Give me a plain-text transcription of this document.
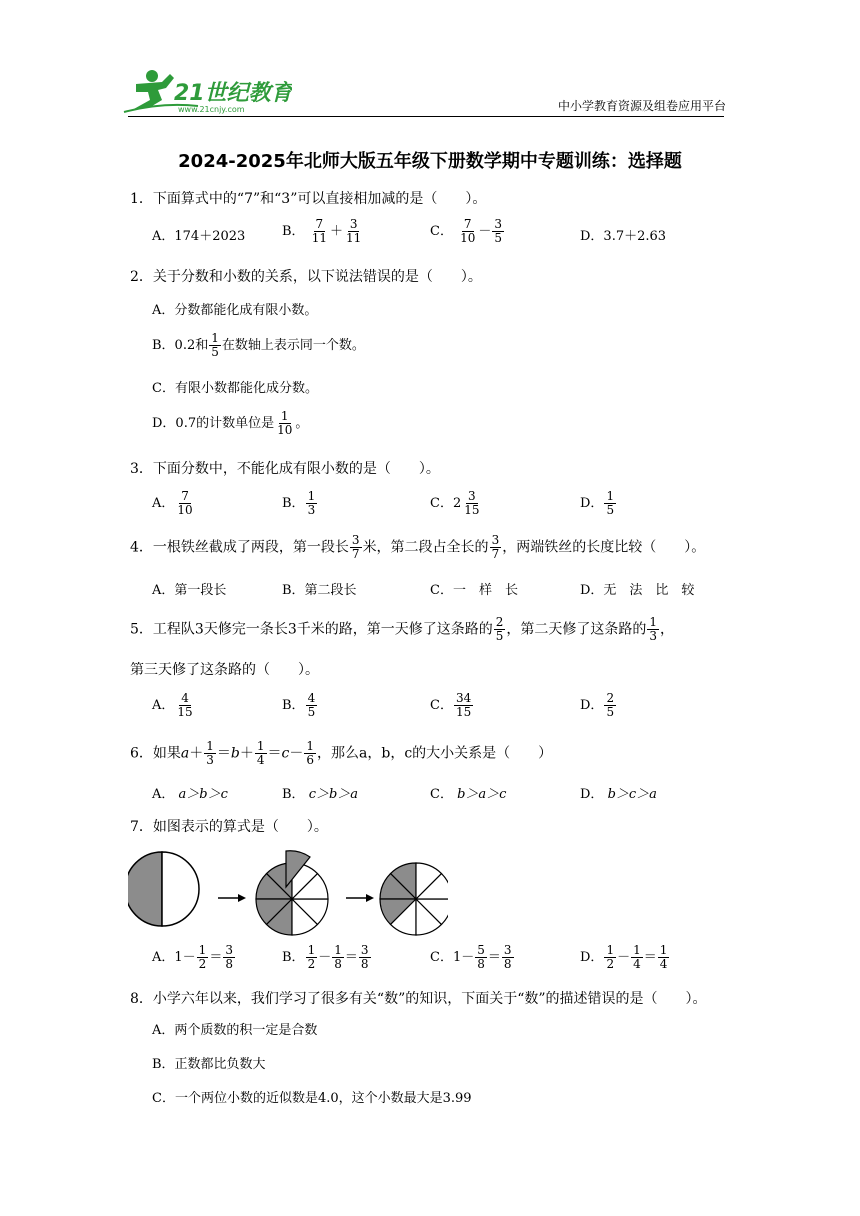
21世纪教育
www.21cnjy.com	中小学教育资源及组卷应用平台
2024-2025年北师大版五年级下册数学期中专题训练：选择题
1．下面算式中的“7”和“3”可以直接相加减的是（　　）。
A．174＋2023	B． $\frac{7}{11} + \frac{3}{11}$	C． $\frac{7}{10} - \frac{3}{5}$	D．3.7＋2.63
2．关于分数和小数的关系，以下说法错误的是（　　）。
A．分数都能化成有限小数。
B．0.2和 $\frac{1}{5}$ 在数轴上表示同一个数。
C．有限小数都能化成分数。
D．0.7的计数单位是 $\frac{1}{10}$ 。
3．下面分数中，不能化成有限小数的是（　　）。
A． $\frac{7}{10}$	B． $\frac{1}{3}$	C． $2 \frac{3}{15}$	D． $\frac{1}{5}$
4．一根铁丝截成了两段，第一段长 $\frac{3}{7}$ 米，第二段占全长的 $\frac{3}{7}$ ，两端铁丝的长度比较（　　）。
A．第一段长	B．第二段长	C．一　样　长	D．无　法　比　较
5．工程队3天修完一条长3千米的路，第一天修了这条路的 $\frac{2}{5}$ ，第二天修了这条路的 $\frac{1}{3}$ ，
第三天修了这条路的（　　）。
A． $\frac{4}{15}$	B． $\frac{4}{5}$	C． $\frac{34}{15}$	D． $\frac{2}{5}$
6．如果$a+ \frac{1}{3} =b+ \frac{1}{4} =c- \frac{1}{6}$ ，那么a，b，c的大小关系是（　　）
A． a＞b＞c	B． c＞b＞a	C． b＞a＞c	D． b＞c＞a
7．如图表示的算式是（　　）。
A．$1- \frac{1}{2} = \frac{3}{8}$	B． $\frac{1}{2} - \frac{1}{8} = \frac{3}{8}$	C．$1- \frac{5}{8} = \frac{3}{8}$	D． $\frac{1}{2} - \frac{1}{4} = \frac{1}{4}$
8．小学六年以来，我们学习了很多有关“数”的知识，下面关于“数”的描述错误的是（　　）。
A．两个质数的积一定是合数
B．正数都比负数大
C．一个两位小数的近似数是4.0，这个小数最大是3.99
